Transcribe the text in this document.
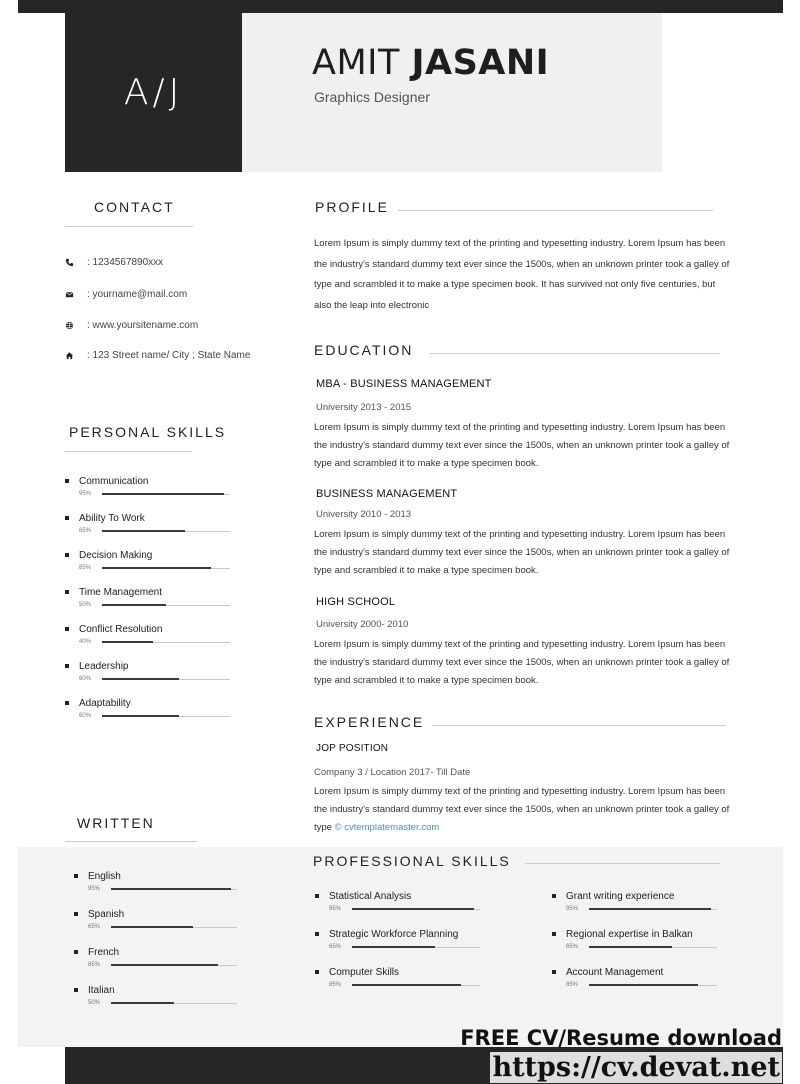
A/J
AMIT JASANI
Graphics Designer
CONTACT
: 1234567890xxx
: yourname@mail.com
: www.yoursitename.com
: 123 Street name/ City ; State Name
PERSONAL SKILLS
Communication
95%
Ability To Work
65%
Decision Making
85%
Time Management
50%
Conflict Resolution
40%
Leadership
60%
Adaptability
60%
PROFILE
Lorem Ipsum is simply dummy text of the printing and typesetting industry. Lorem Ipsum has been the industry's standard dummy text ever since the 1500s, when an unknown printer took a galley of type and scrambled it to make a type specimen book. It has survived not only five centuries, but also the leap into electronic
EDUCATION
MBA - BUSINESS MANAGEMENT
University 2013 - 2015
Lorem Ipsum is simply dummy text of the printing and typesetting industry. Lorem Ipsum has been the industry's standard dummy text ever since the 1500s, when an unknown printer took a galley of type and scrambled it to make a type specimen book.
BUSINESS MANAGEMENT
University 2010 - 2013
Lorem Ipsum is simply dummy text of the printing and typesetting industry. Lorem Ipsum has been the industry's standard dummy text ever since the 1500s, when an unknown printer took a galley of type and scrambled it to make a type specimen book.
HIGH SCHOOL
University 2000- 2010
Lorem Ipsum is simply dummy text of the printing and typesetting industry. Lorem Ipsum has been the industry's standard dummy text ever since the 1500s, when an unknown printer took a galley of type and scrambled it to make a type specimen book.
EXPERIENCE
JOP POSITION
Company 3 / Location 2017- Till Date
Lorem Ipsum is simply dummy text of the printing and typesetting industry. Lorem Ipsum has been the industry's standard dummy text ever since the 1500s, when an unknown printer took a galley of type © cvtemplatemaster.com
WRITTEN
English
95%
Spanish
65%
French
85%
Italian
50%
PROFESSIONAL SKILLS
Statistical Analysis
95%
Strategic Workforce Planning
65%
Computer Skills
85%
Grant writing experience
95%
Regional expertise in Balkan
65%
Account Management
85%
FREE CV/Resume download
https://cv.devat.net
